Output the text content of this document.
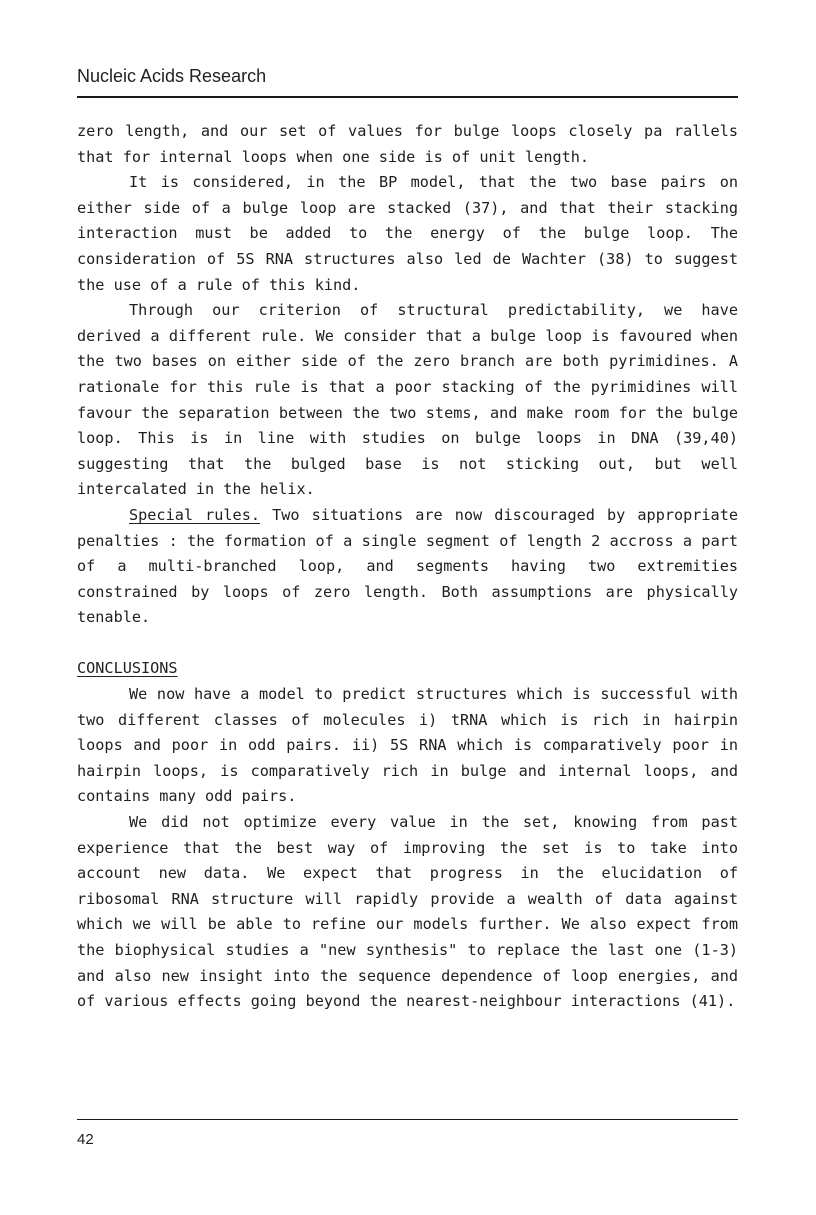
Nucleic Acids Research

zero length, and our set of values for bulge loops closely pa rallels that for internal loops when one side is of unit length.

It is considered, in the BP model, that the two base pairs on either side of a bulge loop are stacked (37), and that their stacking interaction must be added to the energy of the bulge loop. The consideration of 5S RNA structures also led de Wachter (38) to suggest the use of a rule of this kind.

Through our criterion of structural predictability, we have derived a different rule. We consider that a bulge loop is favoured when the two bases on either side of the zero branch are both pyrimidines. A rationale for this rule is that a poor stacking of the pyrimidines will favour the separation between the two stems, and make room for the bulge loop. This is in line with studies on bulge loops in DNA (39,40) suggesting that the bulged base is not sticking out, but well intercalated in the helix.

Special rules. Two situations are now discouraged by appropriate penalties : the formation of a single segment of length 2 accross a part of a multi-branched loop, and segments having two extremities constrained by loops of zero length. Both assumptions are physically tenable.

CONCLUSIONS

We now have a model to predict structures which is successful with two different classes of molecules i) tRNA which is rich in hairpin loops and poor in odd pairs. ii) 5S RNA which is comparatively poor in hairpin loops, is comparatively rich in bulge and internal loops, and contains many odd pairs.

We did not optimize every value in the set, knowing from past experience that the best way of improving the set is to take into account new data. We expect that progress in the elucidation of ribosomal RNA structure will rapidly provide a wealth of data against which we will be able to refine our models further. We also expect from the biophysical studies a "new synthesis" to replace the last one (1-3) and also new insight into the sequence dependence of loop energies, and of various effects going beyond the nearest-neighbour interactions (41).

42
